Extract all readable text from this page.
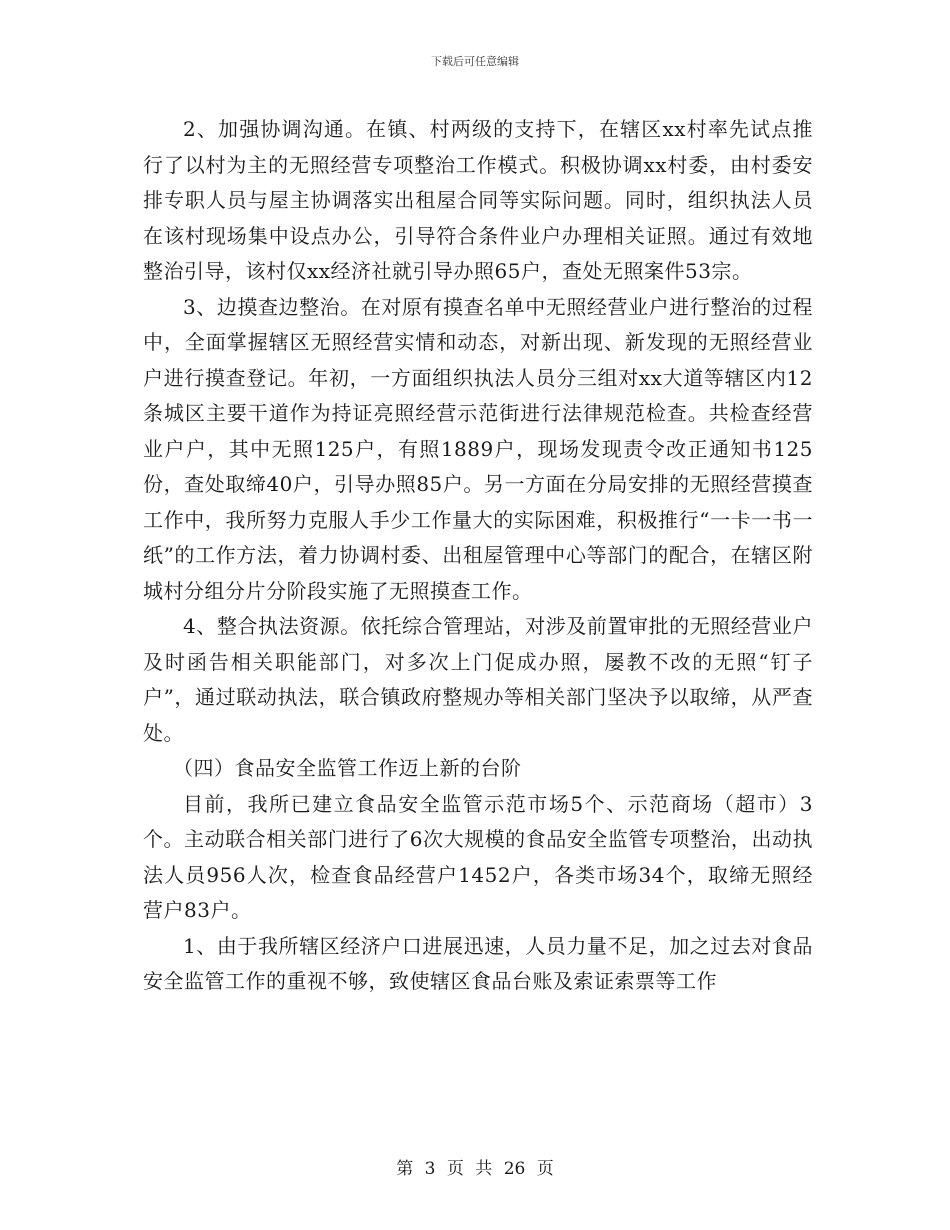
下载后可任意编辑

2、加强协调沟通。在镇、村两级的支持下，在辖区xx村率先试点推行了以村为主的无照经营专项整治工作模式。积极协调xx村委，由村委安排专职人员与屋主协调落实出租屋合同等实际问题。同时，组织执法人员在该村现场集中设点办公，引导符合条件业户办理相关证照。通过有效地整治引导，该村仅xx经济社就引导办照65户，查处无照案件53宗。

3、边摸查边整治。在对原有摸查名单中无照经营业户进行整治的过程中，全面掌握辖区无照经营实情和动态，对新出现、新发现的无照经营业户进行摸查登记。年初，一方面组织执法人员分三组对xx大道等辖区内12条城区主要干道作为持证亮照经营示范街进行法律规范检查。共检查经营业户户，其中无照125户，有照1889户，现场发现责令改正通知书125份，查处取缔40户，引导办照85户。另一方面在分局安排的无照经营摸查工作中，我所努力克服人手少工作量大的实际困难，积极推行“一卡一书一纸”的工作方法，着力协调村委、出租屋管理中心等部门的配合，在辖区附城村分组分片分阶段实施了无照摸查工作。

4、整合执法资源。依托综合管理站，对涉及前置审批的无照经营业户及时函告相关职能部门，对多次上门促成办照，屡教不改的无照“钉子户”，通过联动执法，联合镇政府整规办等相关部门坚决予以取缔，从严查处。

（四）食品安全监管工作迈上新的台阶

目前，我所已建立食品安全监管示范市场5个、示范商场（超市）3个。主动联合相关部门进行了6次大规模的食品安全监管专项整治，出动执法人员956人次，检查食品经营户1452户，各类市场34个，取缔无照经营户83户。

1、由于我所辖区经济户口进展迅速，人员力量不足，加之过去对食品安全监管工作的重视不够，致使辖区食品台账及索证索票等工作

第 3 页 共 26 页
